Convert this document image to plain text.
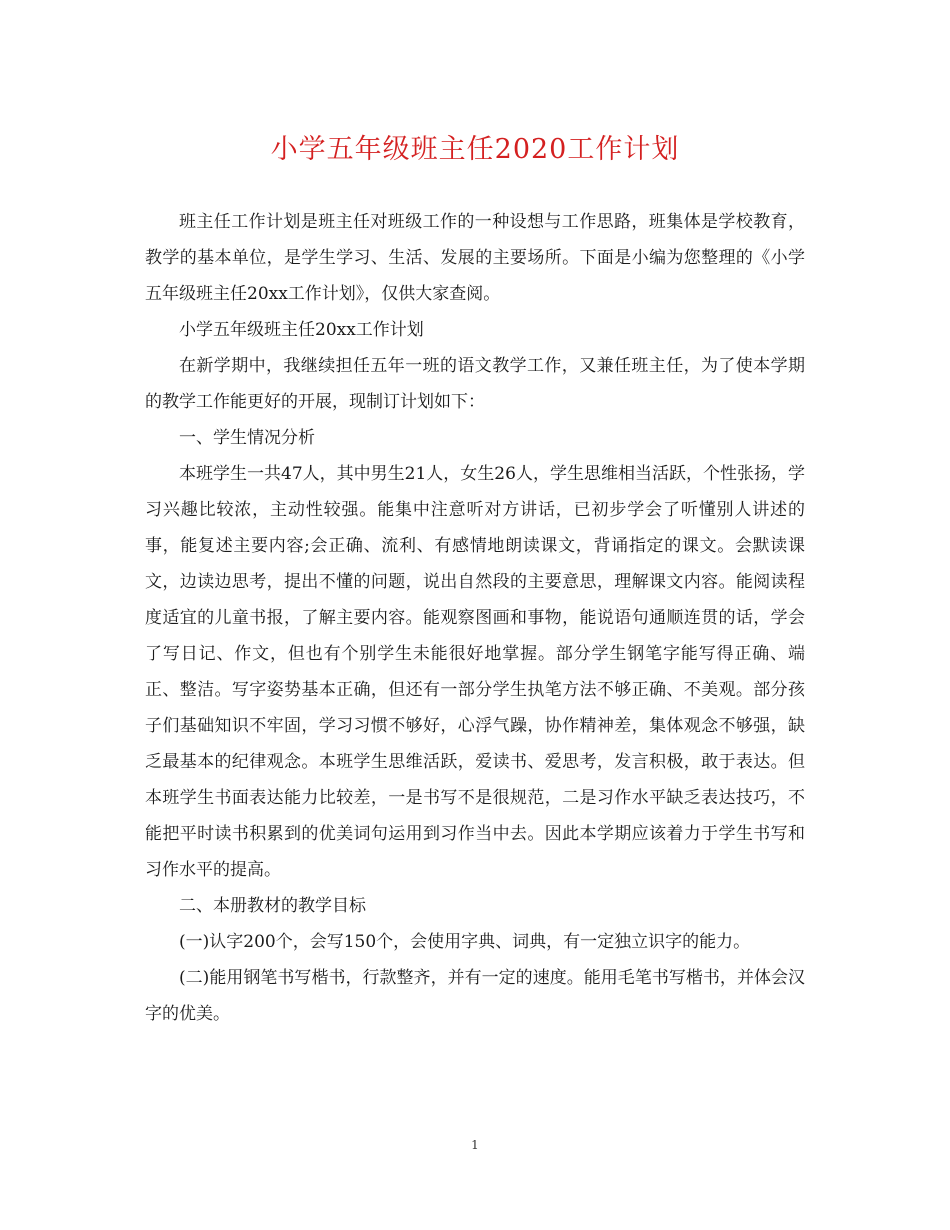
小学五年级班主任2020工作计划

班主任工作计划是班主任对班级工作的一种设想与工作思路，班集体是学校教育，教学的基本单位，是学生学习、生活、发展的主要场所。下面是小编为您整理的《小学五年级班主任20xx工作计划》，仅供大家查阅。

小学五年级班主任20xx工作计划

在新学期中，我继续担任五年一班的语文教学工作，又兼任班主任，为了使本学期的教学工作能更好的开展，现制订计划如下：

一、学生情况分析

本班学生一共47人，其中男生21人，女生26人，学生思维相当活跃，个性张扬，学习兴趣比较浓，主动性较强。能集中注意听对方讲话，已初步学会了听懂别人讲述的事，能复述主要内容;会正确、流利、有感情地朗读课文，背诵指定的课文。会默读课文，边读边思考，提出不懂的问题，说出自然段的主要意思，理解课文内容。能阅读程度适宜的儿童书报，了解主要内容。能观察图画和事物，能说语句通顺连贯的话，学会了写日记、作文，但也有个别学生未能很好地掌握。部分学生钢笔字能写得正确、端正、整洁。写字姿势基本正确，但还有一部分学生执笔方法不够正确、不美观。部分孩子们基础知识不牢固，学习习惯不够好，心浮气躁，协作精神差，集体观念不够强，缺乏最基本的纪律观念。本班学生思维活跃，爱读书、爱思考，发言积极，敢于表达。但本班学生书面表达能力比较差，一是书写不是很规范，二是习作水平缺乏表达技巧，不能把平时读书积累到的优美词句运用到习作当中去。因此本学期应该着力于学生书写和习作水平的提高。

二、本册教材的教学目标

(一)认字200个，会写150个，会使用字典、词典，有一定独立识字的能力。

(二)能用钢笔书写楷书，行款整齐，并有一定的速度。能用毛笔书写楷书，并体会汉字的优美。

1
